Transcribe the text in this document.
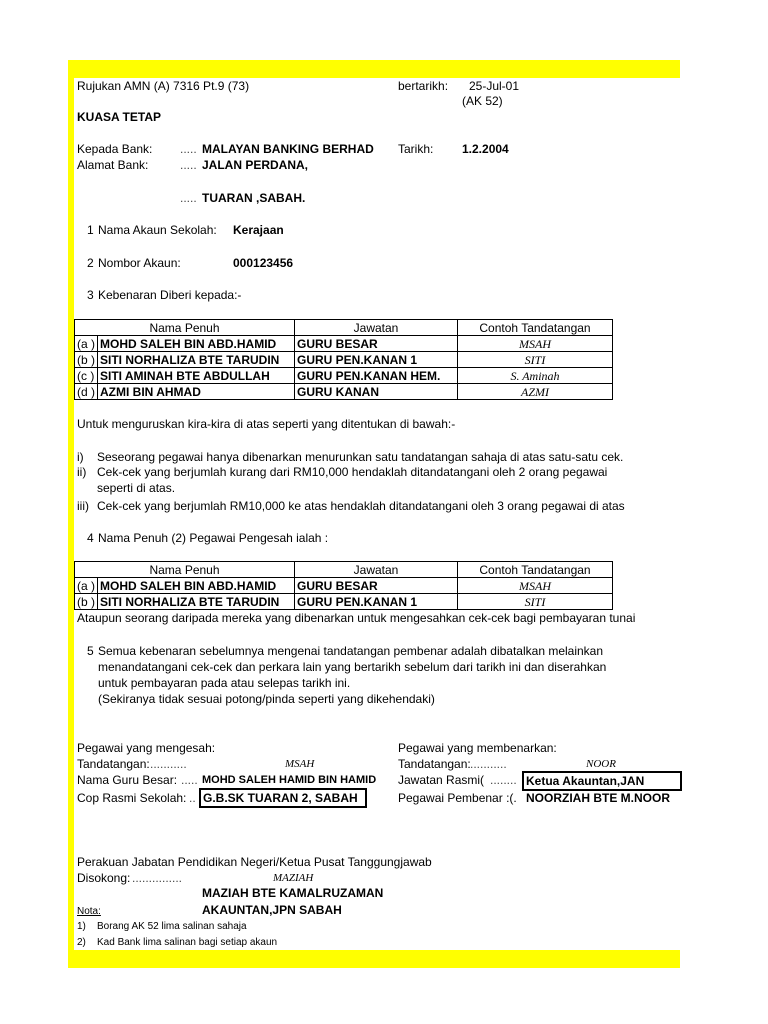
Rujukan AMN (A) 7316 Pt.9 (73)	bertarikh: 25-Jul-01
(AK 52)
KUASA TETAP
Kepada Bank: ..... MALAYAN BANKING BERHAD Tarikh: 1.2.2004
Alamat Bank:	..... JALAN PERDANA,
..... TUARAN ,SABAH.
1 Nama Akaun Sekolah: Kerajaan
2 Nombor Akaun:	000123456
3 Kebenaran Diberi kepada:-
Nama Penuh		Jawatan	Contoh Tandatangan
(a )	MOHD SALEH BIN ABD.HAMID	GURU BESAR	MSAH
(b )	SITI NORHALIZA BTE TARUDIN	GURU PEN.KANAN 1	SITI
(c )	SITI AMINAH BTE ABDULLAH	GURU PEN.KANAN HEM.	S. Aminah
(d )	AZMI BIN AHMAD	GURU KANAN	AZMI
Untuk menguruskan kira-kira di atas seperti yang ditentukan di bawah:-
i) Seseorang pegawai hanya dibenarkan menurunkan satu tandatangan sahaja di atas satu-satu cek.
ii) Cek-cek yang berjumlah kurang dari RM10,000 hendaklah ditandatangani oleh 2 orang pegawai
seperti di atas.
iii) Cek-cek yang berjumlah RM10,000 ke atas hendaklah ditandatangani oleh 3 orang pegawai di atas
4 Nama Penuh (2) Pegawai Pengesah ialah :
Nama Penuh		Jawatan	Contoh Tandatangan
(a )	MOHD SALEH BIN ABD.HAMID	GURU BESAR	MSAH
(b )	SITI NORHALIZA BTE TARUDIN	GURU PEN.KANAN 1	SITI
Ataupun seorang daripada mereka yang dibenarkan untuk mengesahkan cek-cek bagi pembayaran tunai
5 Semua kebenaran sebelumnya mengenai tandatangan pembenar adalah dibatalkan melainkan
menandatangani cek-cek dan perkara lain yang bertarikh sebelum dari tarikh ini dan diserahkan
untuk pembayaran pada atau selepas tarikh ini.
(Sekiranya tidak sesuai potong/pinda seperti yang dikehendaki)
Pegawai yang mengesah:
Tandatangan: ...........	MSAH
Nama Guru Besar: ..... MOHD SALEH HAMID BIN HAMID
Cop Rasmi Sekolah: .. G.B.SK TUARAN 2, SABAH
Pegawai yang membenarkan:
Tandatangan: ...........	NOOR
Jawatan Rasmi( ........ Ketua Akauntan,JAN
Pegawai Pembenar :(. NOORZIAH BTE M.NOOR
Perakuan Jabatan Pendidikan Negeri/Ketua Pusat Tanggungjawab
Disokong: ...............	MAZIAH
MAZIAH BTE KAMALRUZAMAN
AKAUNTAN,JPN SABAH
Nota:
1) Borang AK 52 lima salinan sahaja
2) Kad Bank lima salinan bagi setiap akaun
